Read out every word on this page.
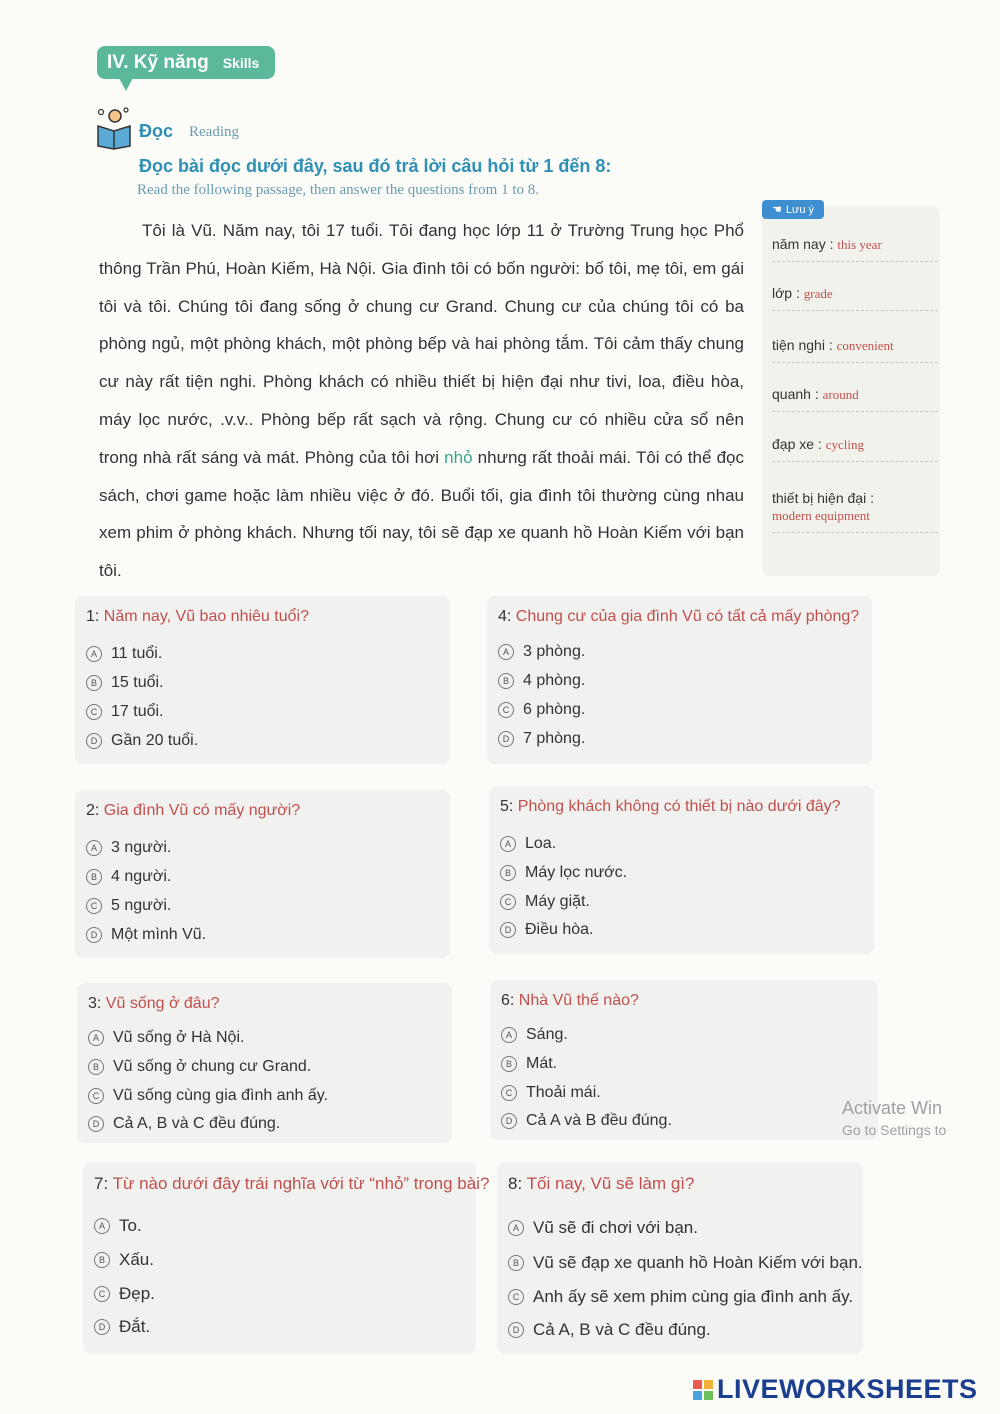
IV. Kỹ năng Skills
Đọc Reading
Đọc bài đọc dưới đây, sau đó trả lời câu hỏi từ 1 đến 8:
Read the following passage, then answer the questions from 1 to 8.

Tôi là Vũ. Năm nay, tôi 17 tuổi. Tôi đang học lớp 11 ở Trường Trung học Phổ thông Trần Phú, Hoàn Kiếm, Hà Nội. Gia đình tôi có bốn người: bố tôi, mẹ tôi, em gái tôi và tôi. Chúng tôi đang sống ở chung cư Grand. Chung cư của chúng tôi có ba phòng ngủ, một phòng khách, một phòng bếp và hai phòng tắm. Tôi cảm thấy chung cư này rất tiện nghi. Phòng khách có nhiều thiết bị hiện đại như tivi, loa, điều hòa, máy lọc nước, .v.v.. Phòng bếp rất sạch và rộng. Chung cư có nhiều cửa sổ nên trong nhà rất sáng và mát. Phòng của tôi hơi nhỏ nhưng rất thoải mái. Tôi có thể đọc sách, chơi game hoặc làm nhiều việc ở đó. Buổi tối, gia đình tôi thường cùng nhau xem phim ở phòng khách. Nhưng tối nay, tôi sẽ đạp xe quanh hồ Hoàn Kiếm với bạn tôi.

☚ Lưu ý
năm nay : this year
lớp : grade
tiện nghi : convenient
quanh : around
đạp xe : cycling
thiết bị hiện đại :
modern equipment
1: Năm nay, Vũ bao nhiêu tuổi?
A 11 tuổi.
B 15 tuổi.
C 17 tuổi.
D Gần 20 tuổi.
2: Gia đình Vũ có mấy người?
A 3 người.
B 4 người.
C 5 người.
D Một mình Vũ.
3: Vũ sống ở đâu?
A Vũ sống ở Hà Nội.
B Vũ sống ở chung cư Grand.
C Vũ sống cùng gia đình anh ấy.
D Cả A, B và C đều đúng.
4: Chung cư của gia đình Vũ có tất cả mấy phòng?
A 3 phòng.
B 4 phòng.
C 6 phòng.
D 7 phòng.
5: Phòng khách không có thiết bị nào dưới đây?
A Loa.
B Máy lọc nước.
C Máy giặt.
D Điều hòa.
6: Nhà Vũ thế nào?
A Sáng.
B Mát.
C Thoải mái.
D Cả A và B đều đúng.
7: Từ nào dưới đây trái nghĩa với từ “nhỏ” trong bài?
A To.
B Xấu.
C Đẹp.
D Đắt.
8: Tối nay, Vũ sẽ làm gì?
A Vũ sẽ đi chơi với bạn.
B Vũ sẽ đạp xe quanh hồ Hoàn Kiếm với bạn.
C Anh ấy sẽ xem phim cùng gia đình anh ấy.
D Cả A, B và C đều đúng.
Activate Win
Go to Settings to
LIVEWORKSHEETS
